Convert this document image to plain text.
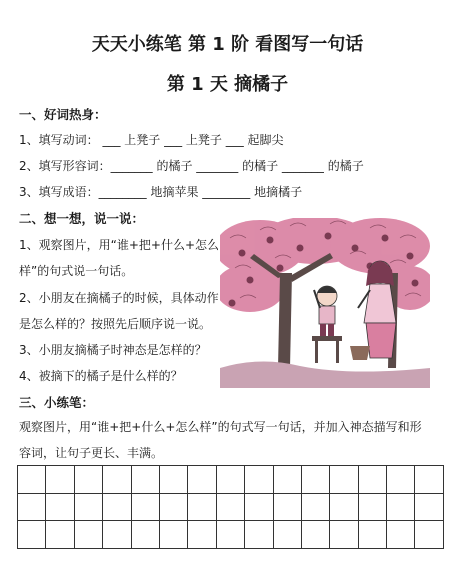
天天小练笔 第 1 阶 看图写一句话
第 1 天 摘橘子
一、好词热身：
1、填写动词： ___ 上凳子 ___ 上凳子 ___ 起脚尖
2、填写形容词：_______ 的橘子 _______ 的橘子 _______ 的橘子
3、填写成语：________ 地摘苹果 ________ 地摘橘子
二、想一想，说一说：
1、观察图片，用“谁+把+什么+怎么
样”的句式说一句话。
2、小朋友在摘橘子的时候，具体动作
是怎么样的？按照先后顺序说一说。
3、小朋友摘橘子时神态是怎样的？
4、被摘下的橘子是什么样的？
三、小练笔：
观察图片，用“谁+把+什么+怎么样”的句式写一句话，并加入神态描写和形
容词，让句子更长、丰满。
